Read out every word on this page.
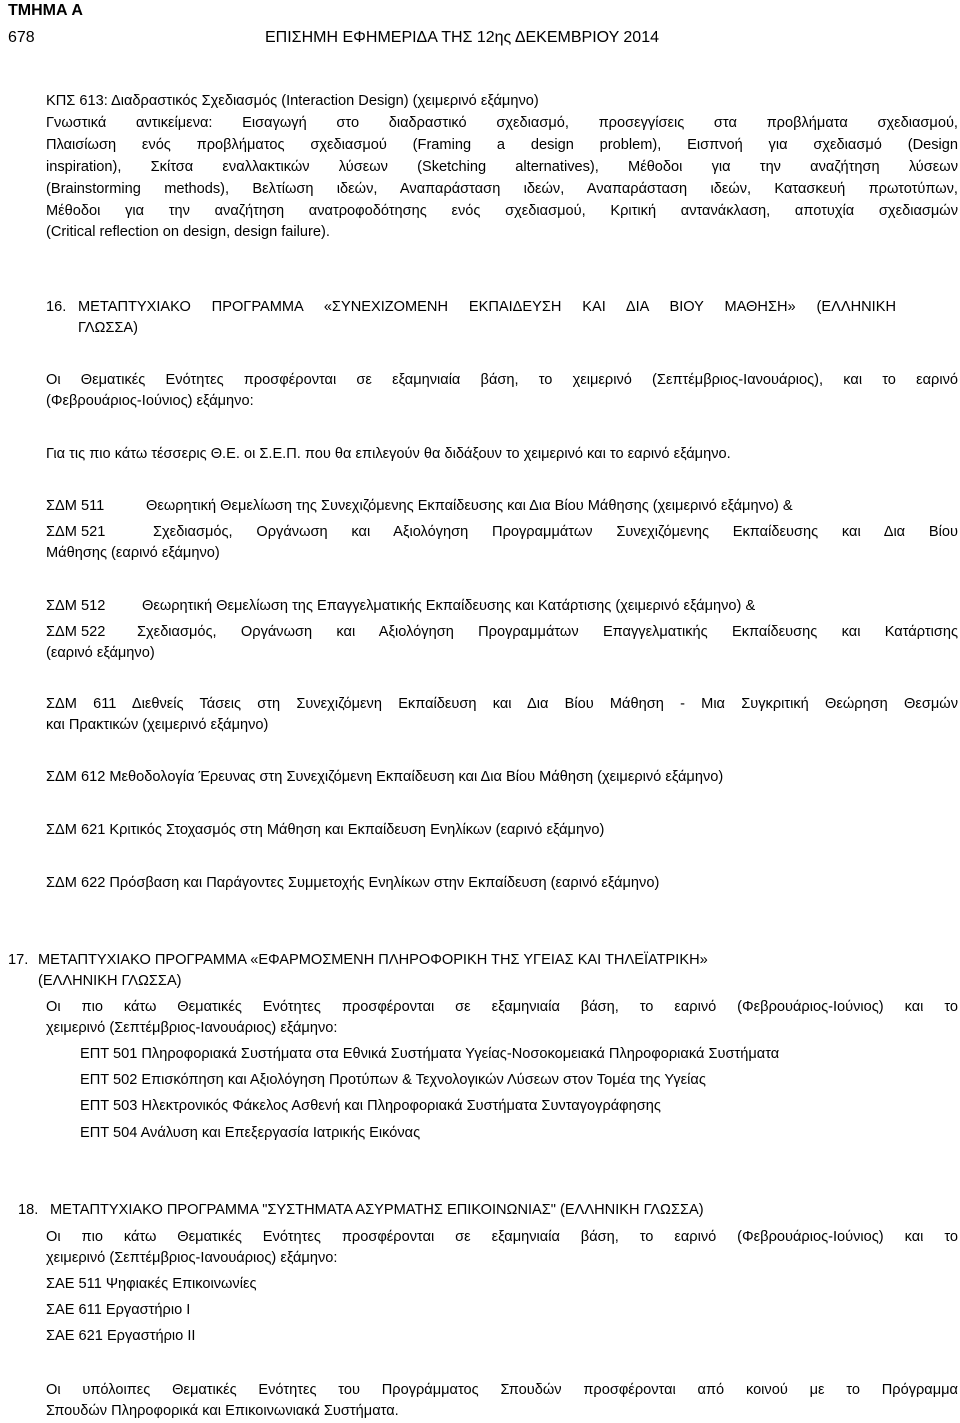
ΤΜΗΜΑ Α
678	ΕΠΙΣΗΜΗ ΕΦΗΜΕΡΙΔΑ ΤΗΣ 12ης ΔΕΚΕΜΒΡΙΟΥ 2014
ΚΠΣ 613: Διαδραστικός Σχεδιασμός (Interaction Design) (χειμερινό εξάμηνο)
Γνωστικά αντικείμενα: Εισαγωγή στο διαδραστικό σχεδιασμό, προσεγγίσεις στα προβλήματα σχεδιασμού,
Πλαισίωση ενός προβλήματος σχεδιασμού (Framing a design problem), Εισπνοή για σχεδιασμό (Design
inspiration), Σκίτσα εναλλακτικών λύσεων (Sketching alternatives), Μέθοδοι για την αναζήτηση λύσεων
(Brainstorming methods), Βελτίωση ιδεών, Αναπαράσταση ιδεών, Αναπαράσταση ιδεών, Κατασκευή πρωτοτύπων,
Μέθοδοι για την αναζήτηση ανατροφοδότησης ενός σχεδιασμού, Κριτική αντανάκλαση, αποτυχία σχεδιασμών
(Critical reflection on design, design failure).
16. ΜΕΤΑΠΤΥΧΙΑΚΟ ΠΡΟΓΡΑΜΜΑ «ΣΥΝΕΧΙΖΟΜΕΝΗ ΕΚΠΑΙΔΕΥΣΗ ΚΑΙ ΔΙΑ ΒΙΟΥ ΜΑΘΗΣΗ» (ΕΛΛΗΝΙΚΗ
ΓΛΩΣΣΑ)
Οι Θεματικές Ενότητες προσφέρονται σε εξαμηνιαία βάση, το χειμερινό (Σεπτέμβριος-Ιανουάριος), και το εαρινό
(Φεβρουάριος-Ιούνιος) εξάμηνο:
Για τις πιο κάτω τέσσερις Θ.Ε. οι Σ.Ε.Π. που θα επιλεγούν θα διδάξουν το χειμερινό και το εαρινό εξάμηνο.
ΣΔΜ 511	Θεωρητική Θεμελίωση της Συνεχιζόμενης Εκπαίδευσης και Δια Βίου Μάθησης (χειμερινό εξάμηνο) &
ΣΔΜ 521	Σχεδιασμός, Οργάνωση και Αξιολόγηση Προγραμμάτων Συνεχιζόμενης Εκπαίδευσης και Δια Βίου
Μάθησης (εαρινό εξάμηνο)
ΣΔΜ 512	Θεωρητική Θεμελίωση της Επαγγελματικής Εκπαίδευσης και Κατάρτισης (χειμερινό εξάμηνο) &
ΣΔΜ 522 Σχεδιασμός, Οργάνωση και Αξιολόγηση Προγραμμάτων Επαγγελματικής Εκπαίδευσης και Κατάρτισης
(εαρινό εξάμηνο)
ΣΔΜ 611 Διεθνείς Τάσεις στη Συνεχιζόμενη Εκπαίδευση και Δια Βίου Μάθηση - Μια Συγκριτική Θεώρηση Θεσμών
και Πρακτικών (χειμερινό εξάμηνο)
ΣΔΜ 612 Μεθοδολογία Έρευνας στη Συνεχιζόμενη Εκπαίδευση και Δια Βίου Μάθηση (χειμερινό εξάμηνο)
ΣΔΜ 621 Κριτικός Στοχασμός στη Μάθηση και Εκπαίδευση Ενηλίκων (εαρινό εξάμηνο)
ΣΔΜ 622 Πρόσβαση και Παράγοντες Συμμετοχής Ενηλίκων στην Εκπαίδευση (εαρινό εξάμηνο)
17. ΜΕΤΑΠΤΥΧΙΑΚΟ ΠΡΟΓΡΑΜΜΑ «ΕΦΑΡΜΟΣΜΕΝΗ ΠΛΗΡΟΦΟΡΙΚΗ ΤΗΣ ΥΓΕΙΑΣ ΚΑΙ ΤΗΛΕΪΑΤΡΙΚΗ»
(ΕΛΛΗΝΙΚΗ ΓΛΩΣΣΑ)
Οι πιο κάτω Θεματικές Ενότητες προσφέρονται σε εξαμηνιαία βάση, το εαρινό (Φεβρουάριος-Ιούνιος) και το
χειμερινό (Σεπτέμβριος-Ιανουάριος) εξάμηνο:
ΕΠΤ 501 Πληροφοριακά Συστήματα στα Εθνικά Συστήματα Υγείας-Νοσοκομειακά Πληροφοριακά Συστήματα
ΕΠΤ 502 Επισκόπηση και Αξιολόγηση Προτύπων & Τεχνολογικών Λύσεων στον Τομέα της Υγείας
ΕΠΤ 503 Ηλεκτρονικός Φάκελος Ασθενή και Πληροφοριακά Συστήματα Συνταγογράφησης
ΕΠΤ 504 Ανάλυση και Επεξεργασία Ιατρικής Εικόνας
18. ΜΕΤΑΠΤΥΧΙΑΚΟ ΠΡΟΓΡΑΜΜΑ "ΣΥΣΤΗΜΑΤΑ ΑΣΥΡΜΑΤΗΣ ΕΠΙΚΟΙΝΩΝΙΑΣ" (ΕΛΛΗΝΙΚΗ ΓΛΩΣΣΑ)
Οι πιο κάτω Θεματικές Ενότητες προσφέρονται σε εξαμηνιαία βάση, το εαρινό (Φεβρουάριος-Ιούνιος) και το
χειμερινό (Σεπτέμβριος-Ιανουάριος) εξάμηνο:
ΣΑΕ 511 Ψηφιακές Επικοινωνίες
ΣΑΕ 611 Εργαστήριο Ι
ΣΑΕ 621 Εργαστήριο ΙΙ
Οι υπόλοιπες Θεματικές Ενότητες του Προγράμματος Σπουδών προσφέρονται από κοινού με το Πρόγραμμα
Σπουδών Πληροφορικά και Επικοινωνιακά Συστήματα.
